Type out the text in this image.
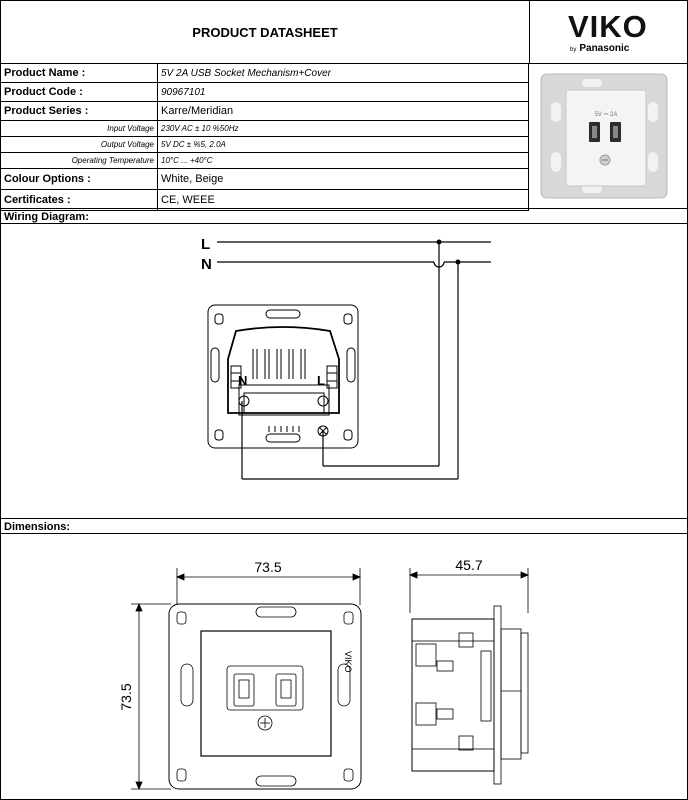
PRODUCT DATASHEET	VIKO
by Panasonic
Product Name :	5V 2A USB Socket Mechanism+Cover
Product Code :	90967101
Product Series :	Karre/Meridian
Input Voltage	230V AC ± 10 %50Hz
Output Voltage	5V DC ± %5, 2.0A
Operating Temperature	10°C ... +40°C
Colour Options :	White, Beige
Certificates :	CE, WEEE
5V ⎓ 2A
Wiring Diagram:
L
N
N	L
Dimensions:
73.5
73.5
45.7
VIKO
